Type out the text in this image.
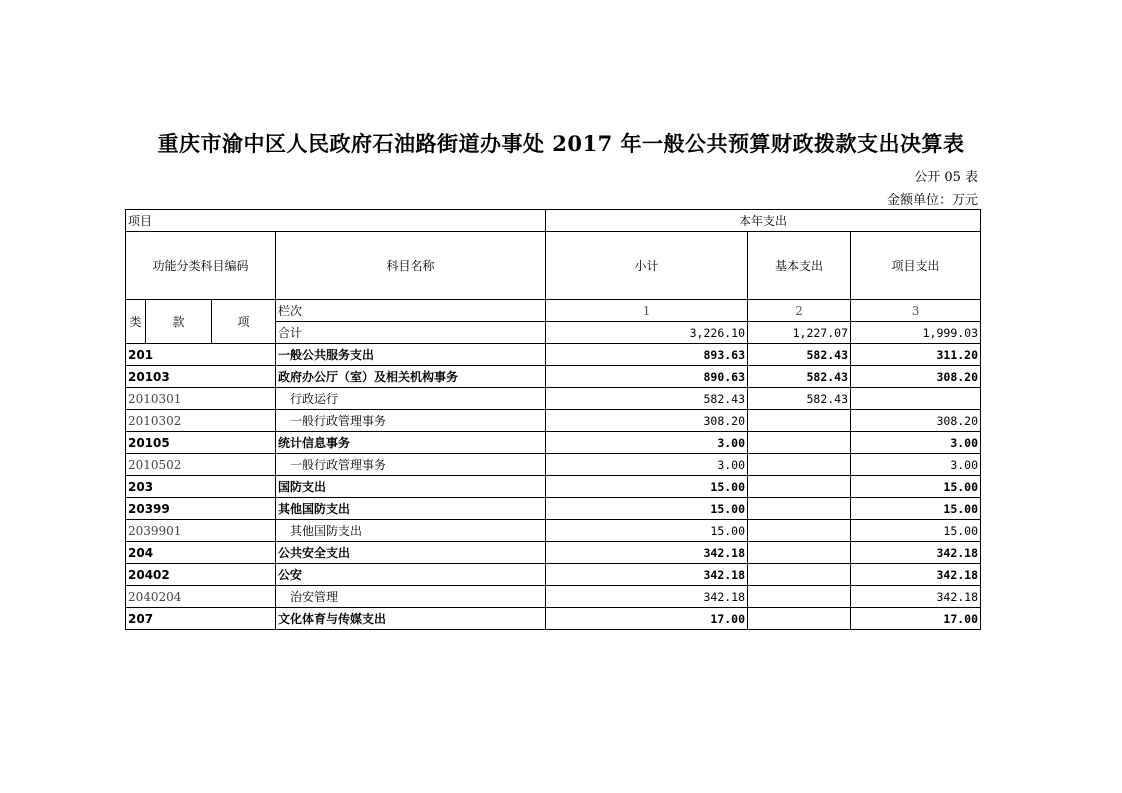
重庆市渝中区人民政府石油路街道办事处 2017 年一般公共预算财政拨款支出决算表
公开 05 表
金额单位：万元
项目				本年支出		
功能分类科目编码			科目名称	小计	基本支出	项目支出
类	款	项	栏次	1	2	3
			合计	3,226.10	1,227.07	1,999.03
201			一般公共服务支出	893.63	582.43	311.20
20103			政府办公厅（室）及相关机构事务	890.63	582.43	308.20
2010301			行政运行	582.43	582.43	
2010302			一般行政管理事务	308.20		308.20
20105			统计信息事务	3.00		3.00
2010502			一般行政管理事务	3.00		3.00
203			国防支出	15.00		15.00
20399			其他国防支出	15.00		15.00
2039901			其他国防支出	15.00		15.00
204			公共安全支出	342.18		342.18
20402			公安	342.18		342.18
2040204			治安管理	342.18		342.18
207			文化体育与传媒支出	17.00		17.00
